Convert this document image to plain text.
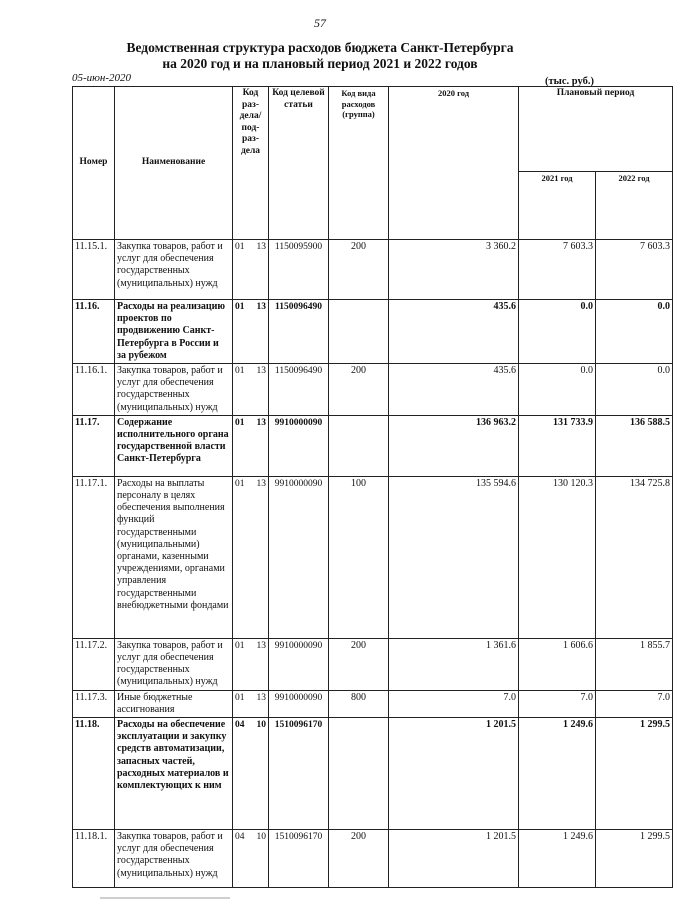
57
Ведомственная структура расходов бюджета Санкт-Петербурга
на 2020 год и на плановый период 2021 и 2022 годов
05-июн-2020	(тыс. руб.)
Номер	Наименование	Код раз-дела/ под-раз-дела	Код целевой статьи	Код вида расходов (группа)	2020 год	Плановый период	
						2021 год	2022 год
11.15.1.	Закупка товаров, работ и услуг для обеспечения государственных (муниципальных) нужд	01 13	1150095900	200	3 360.2	7 603.3	7 603.3
11.16.	Расходы на реализацию проектов по продвижению Санкт-Петербурга в России и за рубежом	01 13	1150096490		435.6	0.0	0.0
11.16.1.	Закупка товаров, работ и услуг для обеспечения государственных (муниципальных) нужд	01 13	1150096490	200	435.6	0.0	0.0
11.17.	Содержание исполнительного органа государственной власти Санкт-Петербурга	01 13	9910000090		136 963.2	131 733.9	136 588.5
11.17.1.	Расходы на выплаты персоналу в целях обеспечения выполнения функций государственными (муниципальными) органами, казенными учреждениями, органами управления государственными внебюджетными фондами	01 13	9910000090	100	135 594.6	130 120.3	134 725.8
11.17.2.	Закупка товаров, работ и услуг для обеспечения государственных (муниципальных) нужд	01 13	9910000090	200	1 361.6	1 606.6	1 855.7
11.17.3.	Иные бюджетные ассигнования	01 13	9910000090	800	7.0	7.0	7.0
11.18.	Расходы на обеспечение эксплуатации и закупку средств автоматизации, запасных частей, расходных материалов и комплектующих к ним	04 10	1510096170		1 201.5	1 249.6	1 299.5
11.18.1.	Закупка товаров, работ и услуг для обеспечения государственных (муниципальных) нужд	04 10	1510096170	200	1 201.5	1 249.6	1 299.5
